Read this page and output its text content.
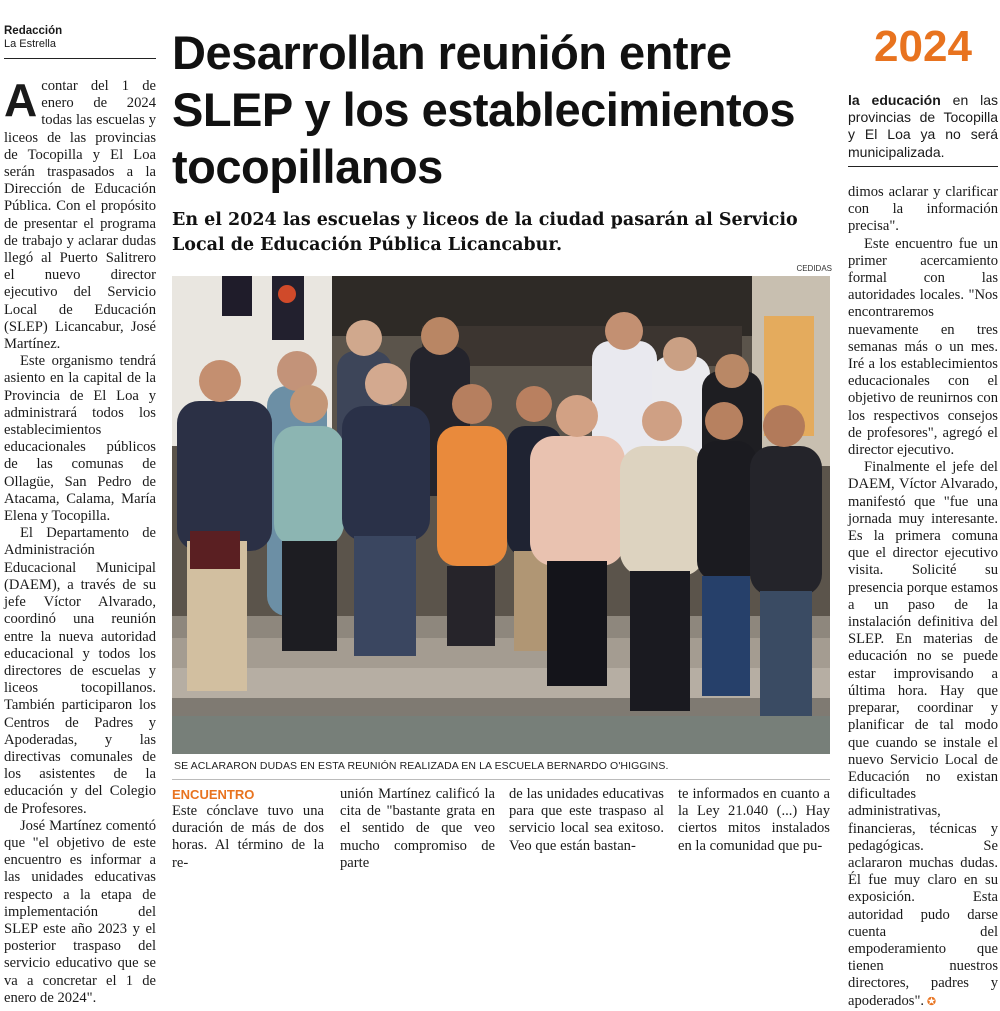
Redacción
La Estrella

Acontar del 1 de enero de 2024 todas las escuelas y liceos de las provincias de Tocopilla y El Loa serán traspasados a la Dirección de Educación Pública. Con el propósito de presentar el programa de trabajo y aclarar dudas llegó al Puerto Salitrero el nuevo director ejecutivo del Servicio Local de Educación (SLEP) Licancabur, José Martínez.

Este organismo tendrá asiento en la capital de la Provincia de El Loa y administrará todos los establecimientos educacionales públicos de las comunas de Ollagüe, San Pedro de Atacama, Calama, María Elena y Tocopilla.

El Departamento de Administración Educacional Municipal (DAEM), a través de su jefe Víctor Alvarado, coordinó una reunión entre la nueva autoridad educacional y todos los directores de escuelas y liceos tocopillanos. También participaron los Centros de Padres y Apoderadas, y las directivas comunales de los asistentes de la educación y del Colegio de Profesores.

José Martínez comentó que "el objetivo de este encuentro es informar a las unidades educativas respecto a la etapa de implementación del SLEP este año 2023 y el posterior traspaso del servicio educativo que se va a concretar el 1 de enero de 2024".

Desarrollan reunión entre SLEP y los establecimientos tocopillanos
En el 2024 las escuelas y liceos de la ciudad pasarán al Servicio Local de Educación Pública Licancabur.
CEDIDAS
SE ACLARARON DUDAS EN ESTA REUNIÓN REALIZADA EN LA ESCUELA BERNARDO O'HIGGINS.
ENCUENTRO

Este cónclave tuvo una duración de más de dos horas. Al término de la re-

unión Martínez calificó la cita de "bastante grata en el sentido de que veo mucho compromiso de parte

de las unidades educativas para que este traspaso al servicio local sea exitoso. Veo que están bastan-

te informados en cuanto a la Ley 21.040 (...) Hay ciertos mitos instalados en la comunidad que pu-

2024
la educación en las provincias de Tocopilla y El Loa ya no será municipalizada.

dimos aclarar y clarificar con la información precisa".

Este encuentro fue un primer acercamiento formal con las autoridades locales. "Nos encontraremos nuevamente en tres semanas más o un mes. Iré a los establecimientos educacionales con el objetivo de reunirnos con los respectivos consejos de profesores", agregó el director ejecutivo.

Finalmente el jefe del DAEM, Víctor Alvarado, manifestó que "fue una jornada muy interesante. Es la primera comuna que el director ejecutivo visita. Solicité su presencia porque estamos a un paso de la instalación definitiva del SLEP. En materias de educación no se puede estar improvisando a última hora. Hay que preparar, coordinar y planificar de tal modo que cuando se instale el nuevo Servicio Local de Educación no existan dificultades administrativas, financieras, técnicas y pedagógicas. Se aclararon muchas dudas. Él fue muy claro en su exposición. Esta autoridad pudo darse cuenta del empoderamiento que tienen nuestros directores, padres y apoderados". ✪
